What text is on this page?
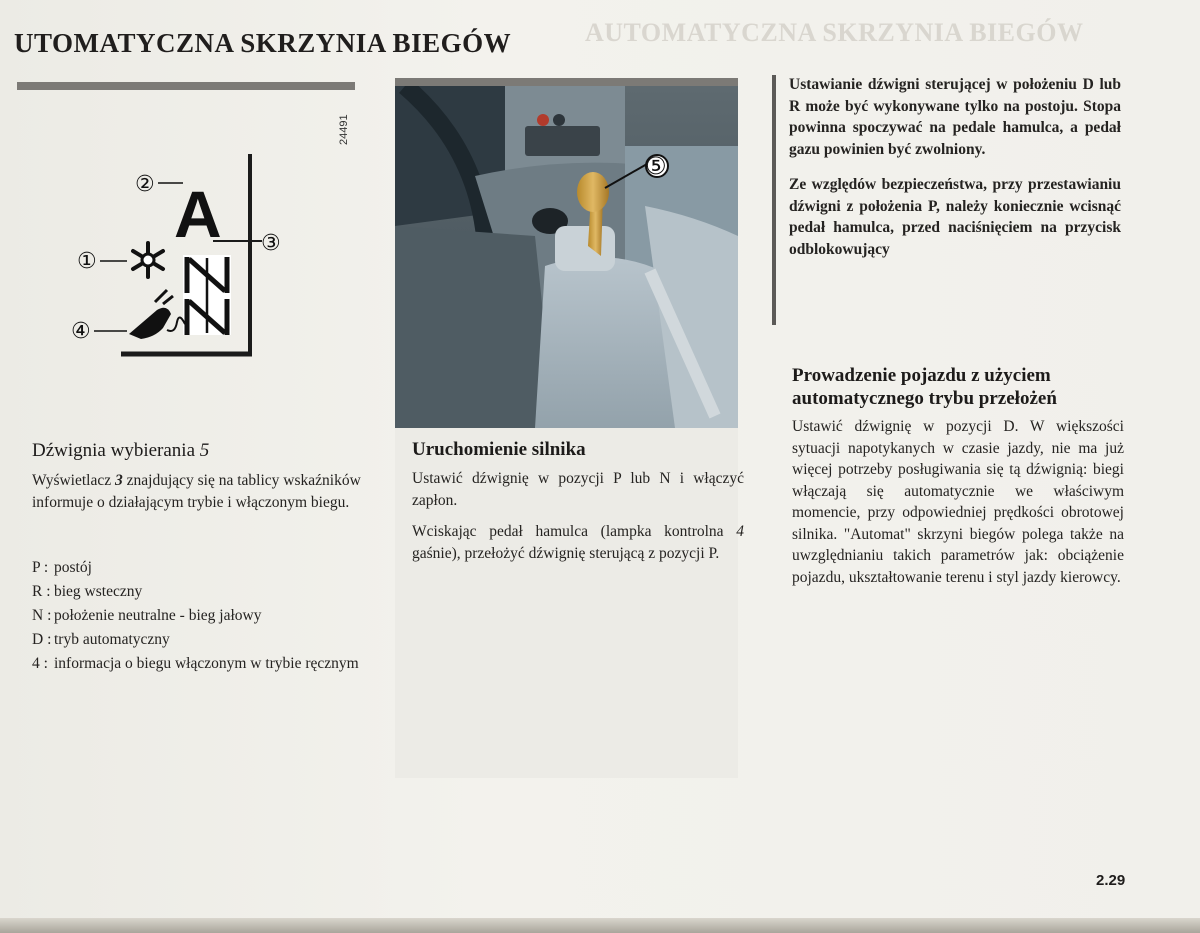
AUTOMATYCZNA SKRZYNIA BIEGÓW
UTOMATYCZNA SKRZYNIA BIEGÓW
24491
A
②
③
①
④
⑤
Dźwignia wybierania 5
Wyświetlacz 3 znajdujący się na tablicy wskaźników informuje o działającym trybie i włączonym biegu.
P : postój
R : bieg wsteczny
N : położenie neutralne - bieg jałowy
D : tryb automatyczny
4 : informacja o biegu włączonym w trybie ręcznym
Uruchomienie silnika

Ustawić dźwignię w pozycji P lub N i włączyć zapłon.

Wciskając pedał hamulca (lampka kontrolna 4 gaśnie), przełożyć dźwignię sterującą z pozycji P.

Ustawianie dźwigni sterującej w położeniu D lub R może być wykonywane tylko na postoju. Stopa powinna spoczywać na pedale hamulca, a pedał gazu powinien być zwolniony.

Ze względów bezpieczeństwa, przy przestawianiu dźwigni z położenia P, należy koniecznie wcisnąć pedał hamulca, przed naciśnięciem na przycisk odblokowujący

Prowadzenie pojazdu z użyciem automatycznego trybu przełożeń
Ustawić dźwignię w pozycji D. W większości sytuacji napotykanych w czasie jazdy, nie ma już więcej potrzeby posługiwania się tą dźwignią: biegi włączają się automatycznie we właściwym momencie, przy odpowiedniej prędkości obrotowej silnika. "Automat" skrzyni biegów polega także na uwzględnianiu takich parametrów jak: obciążenie pojazdu, ukształtowanie terenu i styl jazdy kierowcy.
2.29
